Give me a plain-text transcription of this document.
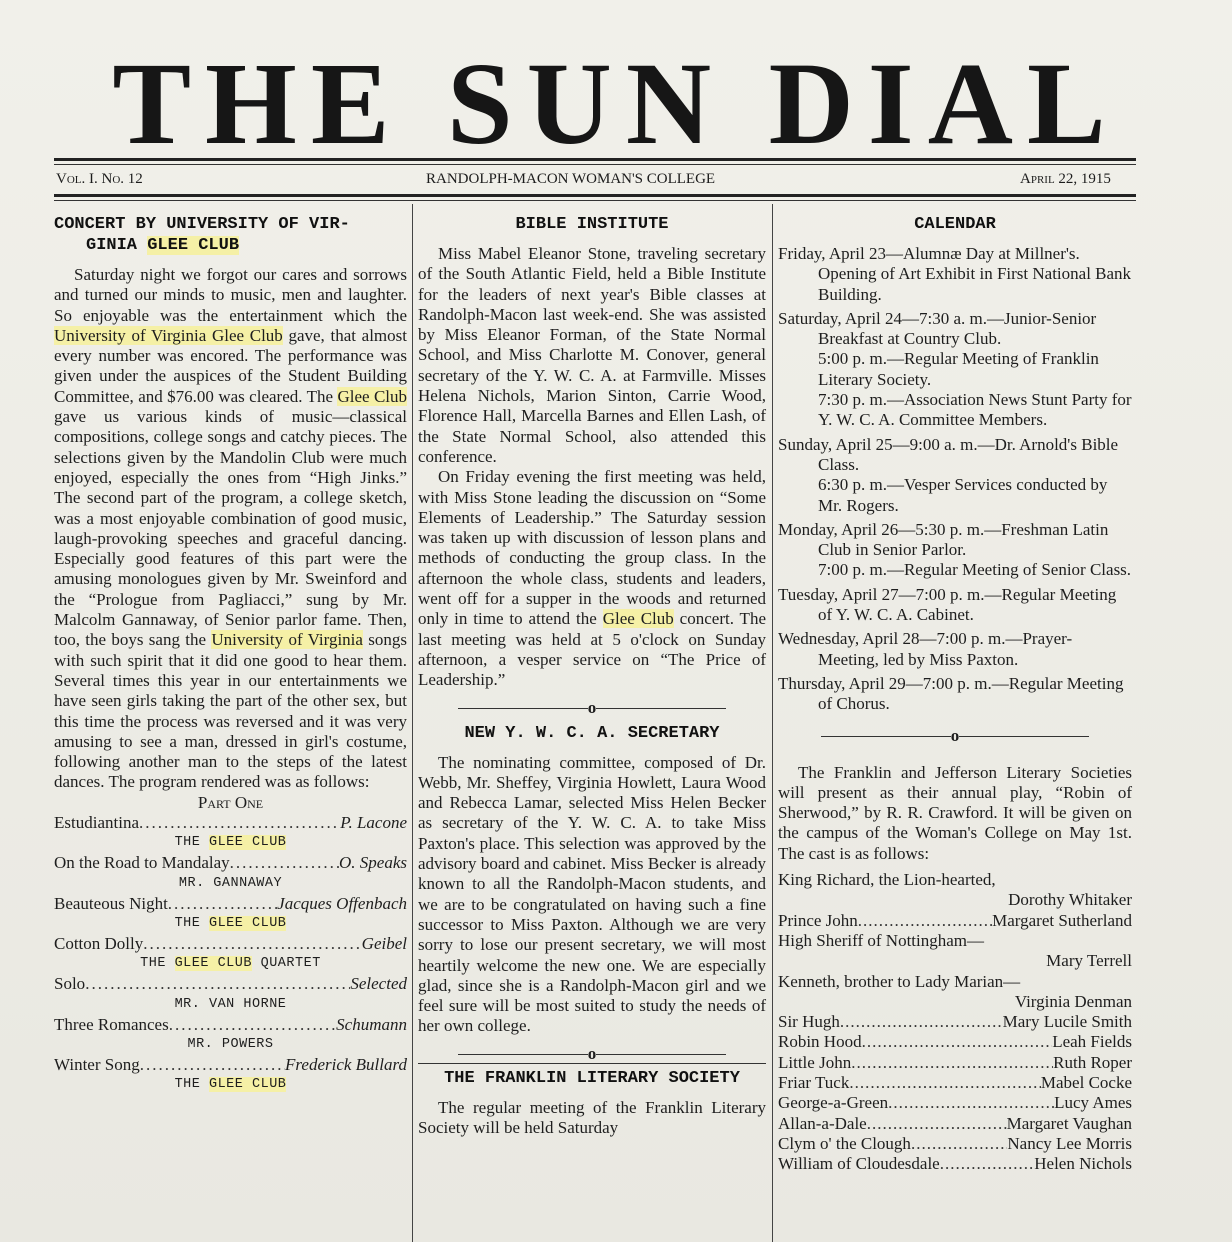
THE SUN DIAL
Vol. I. No. 12	RANDOLPH-MACON WOMAN'S COLLEGE	April 22, 1915
CONCERT BY UNIVERSITY OF VIR-
GINIA GLEE CLUB

Saturday night we forgot our cares and sorrows and turned our minds to music, men and laughter. So enjoyable was the entertainment which the University of Virginia Glee Club gave, that almost every number was encored. The performance was given under the auspices of the Student Building Committee, and $76.00 was cleared. The Glee Club gave us various kinds of music—classical compositions, college songs and catchy pieces. The selections given by the Mandolin Club were much enjoyed, especially the ones from “High Jinks.” The second part of the program, a college sketch, was a most enjoyable combination of good music, laugh-provoking speeches and graceful dancing. Especially good features of this part were the amusing monologues given by Mr. Sweinford and the “Prologue from Pagliacci,” sung by Mr. Malcolm Gannaway, of Senior parlor fame. Then, too, the boys sang the University of Virginia songs with such spirit that it did one good to hear them. Several times this year in our entertainments we have seen girls taking the part of the other sex, but this time the process was reversed and it was very amusing to see a man, dressed in girl's costume, following another man to the steps of the latest dances. The program rendered was as follows:

Part One

Estudiantina .....	P. Lacone

THE GLEE CLUB

On the Road to Mandalay .....	O. Speaks

MR. GANNAWAY

Beauteous Night .....	Jacques Offenbach

THE GLEE CLUB

Cotton Dolly .....	Geibel

THE GLEE CLUB QUARTET

Solo .....	Selected

MR. VAN HORNE

Three Romances .....	Schumann

MR. POWERS

Winter Song .....	Frederick Bullard

THE GLEE CLUB

BIBLE INSTITUTE

Miss Mabel Eleanor Stone, traveling secretary of the South Atlantic Field, held a Bible Institute for the leaders of next year's Bible classes at Randolph-Macon last week-end. She was assisted by Miss Eleanor Forman, of the State Normal School, and Miss Charlotte M. Conover, general secretary of the Y. W. C. A. at Farmville. Misses Helena Nichols, Marion Sinton, Carrie Wood, Florence Hall, Marcella Barnes and Ellen Lash, of the State Normal School, also attended this conference.

On Friday evening the first meeting was held, with Miss Stone leading the discussion on “Some Elements of Leadership.” The Saturday session was taken up with discussion of lesson plans and methods of conducting the group class. In the afternoon the whole class, students and leaders, went off for a supper in the woods and returned only in time to attend the Glee Club concert. The last meeting was held at 5 o'clock on Sunday afternoon, a vesper service on “The Price of Leadership.”

o
NEW Y. W. C. A. SECRETARY

The nominating committee, composed of Dr. Webb, Mr. Sheffey, Virginia Howlett, Laura Wood and Rebecca Lamar, selected Miss Helen Becker as secretary of the Y. W. C. A. to take Miss Paxton's place. This selection was approved by the advisory board and cabinet. Miss Becker is already known to all the Randolph-Macon students, and we are to be congratulated on having such a fine successor to Miss Paxton. Although we are very sorry to lose our present secretary, we will most heartily welcome the new one. We are especially glad, since she is a Randolph-Macon girl and we feel sure will be most suited to study the needs of her own college.

o
THE FRANKLIN LITERARY SOCIETY

The regular meeting of the Franklin Literary Society will be held Saturday

CALENDAR

Friday, April 23—Alumnæ Day at Millner's. Opening of Art Exhibit in First National Bank Building.

Saturday, April 24—7:30 a. m.—Junior-Senior Breakfast at Country Club.

5:00 p. m.—Regular Meeting of Franklin Literary Society.

7:30 p. m.—Association News Stunt Party for Y. W. C. A. Committee Members.

Sunday, April 25—9:00 a. m.—Dr. Arnold's Bible Class.

6:30 p. m.—Vesper Services conducted by Mr. Rogers.

Monday, April 26—5:30 p. m.—Freshman Latin Club in Senior Parlor.

7:00 p. m.—Regular Meeting of Senior Class.

Tuesday, April 27—7:00 p. m.—Regular Meeting of Y. W. C. A. Cabinet.

Wednesday, April 28—7:00 p. m.—Prayer-Meeting, led by Miss Paxton.

Thursday, April 29—7:00 p. m.—Regular Meeting of Chorus.

o

The Franklin and Jefferson Literary Societies will present as their annual play, “Robin of Sherwood,” by R. R. Crawford. It will be given on the campus of the Woman's College on May 1st. The cast is as follows:

King Richard, the Lion-hearted,

Dorothy Whitaker

Prince John .....	Margaret Sutherland

High Sheriff of Nottingham—

Mary Terrell

Kenneth, brother to Lady Marian—

Virginia Denman

Sir Hugh .....	Mary Lucile Smith
Robin Hood .....	Leah Fields
Little John .....	Ruth Roper
Friar Tuck .....	Mabel Cocke
George-a-Green .....	Lucy Ames
Allan-a-Dale .....	Margaret Vaughan
Clym o' the Clough .....	Nancy Lee Morris
William of Cloudesdale .....	Helen Nichols
